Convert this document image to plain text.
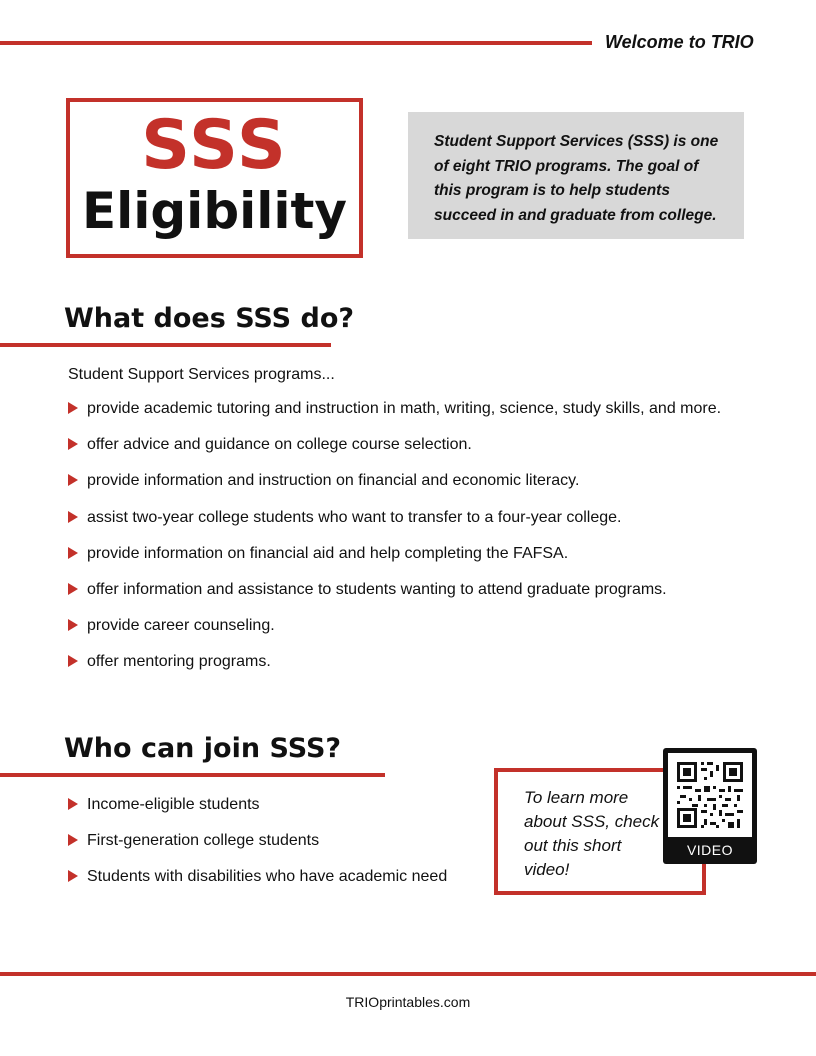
Welcome to TRIO
SSS
Eligibility
Student Support Services (SSS) is one of eight TRIO programs. The goal of this program is to help students succeed in and graduate from college.
What does SSS do?
Student Support Services programs...
provide academic tutoring and instruction in math, writing, science, study skills, and more.
offer advice and guidance on college course selection.
provide information and instruction on financial and economic literacy.
assist two-year college students who want to transfer to a four-year college.
provide information on financial aid and help completing the FAFSA.
offer information and assistance to students wanting to attend graduate programs.
provide career counseling.
offer mentoring programs.
Who can join SSS?
Income-eligible students
First-generation college students
Students with disabilities who have academic need
To learn more about SSS, check out this short video!
VIDEO
TRIOprintables.com
